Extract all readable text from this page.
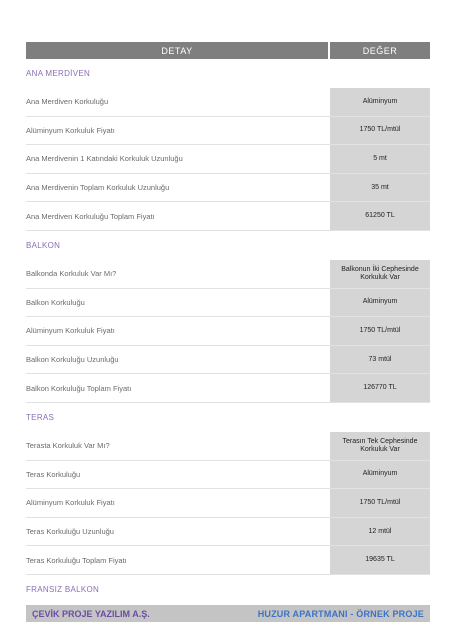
DETAY	DEĞER
ANA MERDİVEN
Ana Merdiven Korkuluğu	Alüminyum
Alüminyum Korkuluk Fiyatı	1750 TL/mtül
Ana Merdivenin 1 Katındaki Korkuluk Uzunluğu	5 mt
Ana Merdivenin Toplam Korkuluk Uzunluğu	35 mt
Ana Merdiven Korkuluğu Toplam Fiyatı	61250 TL
BALKON
Balkonda Korkuluk Var Mı?	Balkonun İki Cephesinde Korkuluk Var
Balkon Korkuluğu	Alüminyum
Alüminyum Korkuluk Fiyatı	1750 TL/mtül
Balkon Korkuluğu Uzunluğu	73 mtül
Balkon Korkuluğu Toplam Fiyatı	126770 TL
TERAS
Terasta Korkuluk Var Mı?	Terasın Tek Cephesinde Korkuluk Var
Teras Korkuluğu	Alüminyum
Alüminyum Korkuluk Fiyatı	1750 TL/mtül
Teras Korkuluğu Uzunluğu	12 mtül
Teras Korkuluğu Toplam Fiyatı	19635 TL
FRANSIZ BALKON
ÇEVİK PROJE YAZILIM A.Ş.	HUZUR APARTMANI - ÖRNEK PROJE
